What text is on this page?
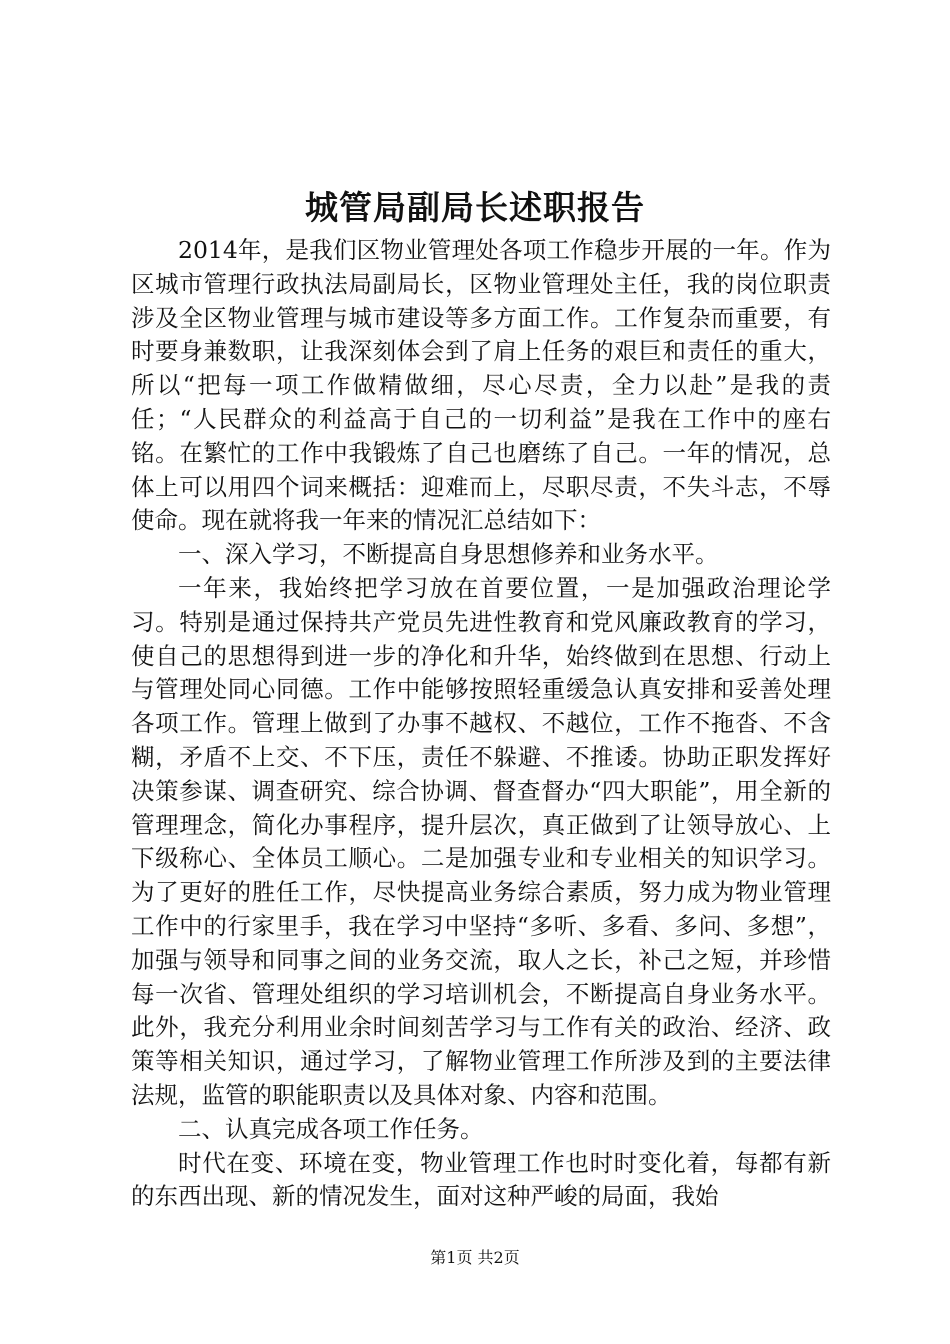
城管局副局长述职报告

2014年，是我们区物业管理处各项工作稳步开展的一年。作为区城市管理行政执法局副局长，区物业管理处主任，我的岗位职责涉及全区物业管理与城市建设等多方面工作。工作复杂而重要，有时要身兼数职，让我深刻体会到了肩上任务的艰巨和责任的重大，所以“把每一项工作做精做细，尽心尽责，全力以赴”是我的责任；“人民群众的利益高于自己的一切利益”是我在工作中的座右铭。在繁忙的工作中我锻炼了自己也磨练了自己。一年的情况，总体上可以用四个词来概括：迎难而上，尽职尽责，不失斗志，不辱使命。现在就将我一年来的情况汇总结如下：

一、深入学习，不断提高自身思想修养和业务水平。

一年来，我始终把学习放在首要位置，一是加强政治理论学习。特别是通过保持共产党员先进性教育和党风廉政教育的学习，使自己的思想得到进一步的净化和升华，始终做到在思想、行动上与管理处同心同德。工作中能够按照轻重缓急认真安排和妥善处理各项工作。管理上做到了办事不越权、不越位，工作不拖沓、不含糊，矛盾不上交、不下压，责任不躲避、不推诿。协助正职发挥好决策参谋、调查研究、综合协调、督查督办“四大职能”，用全新的管理理念，简化办事程序，提升层次，真正做到了让领导放心、上下级称心、全体员工顺心。二是加强专业和专业相关的知识学习。为了更好的胜任工作，尽快提高业务综合素质，努力成为物业管理工作中的行家里手，我在学习中坚持“多听、多看、多问、多想”，加强与领导和同事之间的业务交流，取人之长，补己之短，并珍惜每一次省、管理处组织的学习培训机会，不断提高自身业务水平。此外，我充分利用业余时间刻苦学习与工作有关的政治、经济、政策等相关知识，通过学习，了解物业管理工作所涉及到的主要法律法规，监管的职能职责以及具体对象、内容和范围。

二、认真完成各项工作任务。

时代在变、环境在变，物业管理工作也时时变化着，每都有新的东西出现、新的情况发生，面对这种严峻的局面，我始

第1页 共2页
